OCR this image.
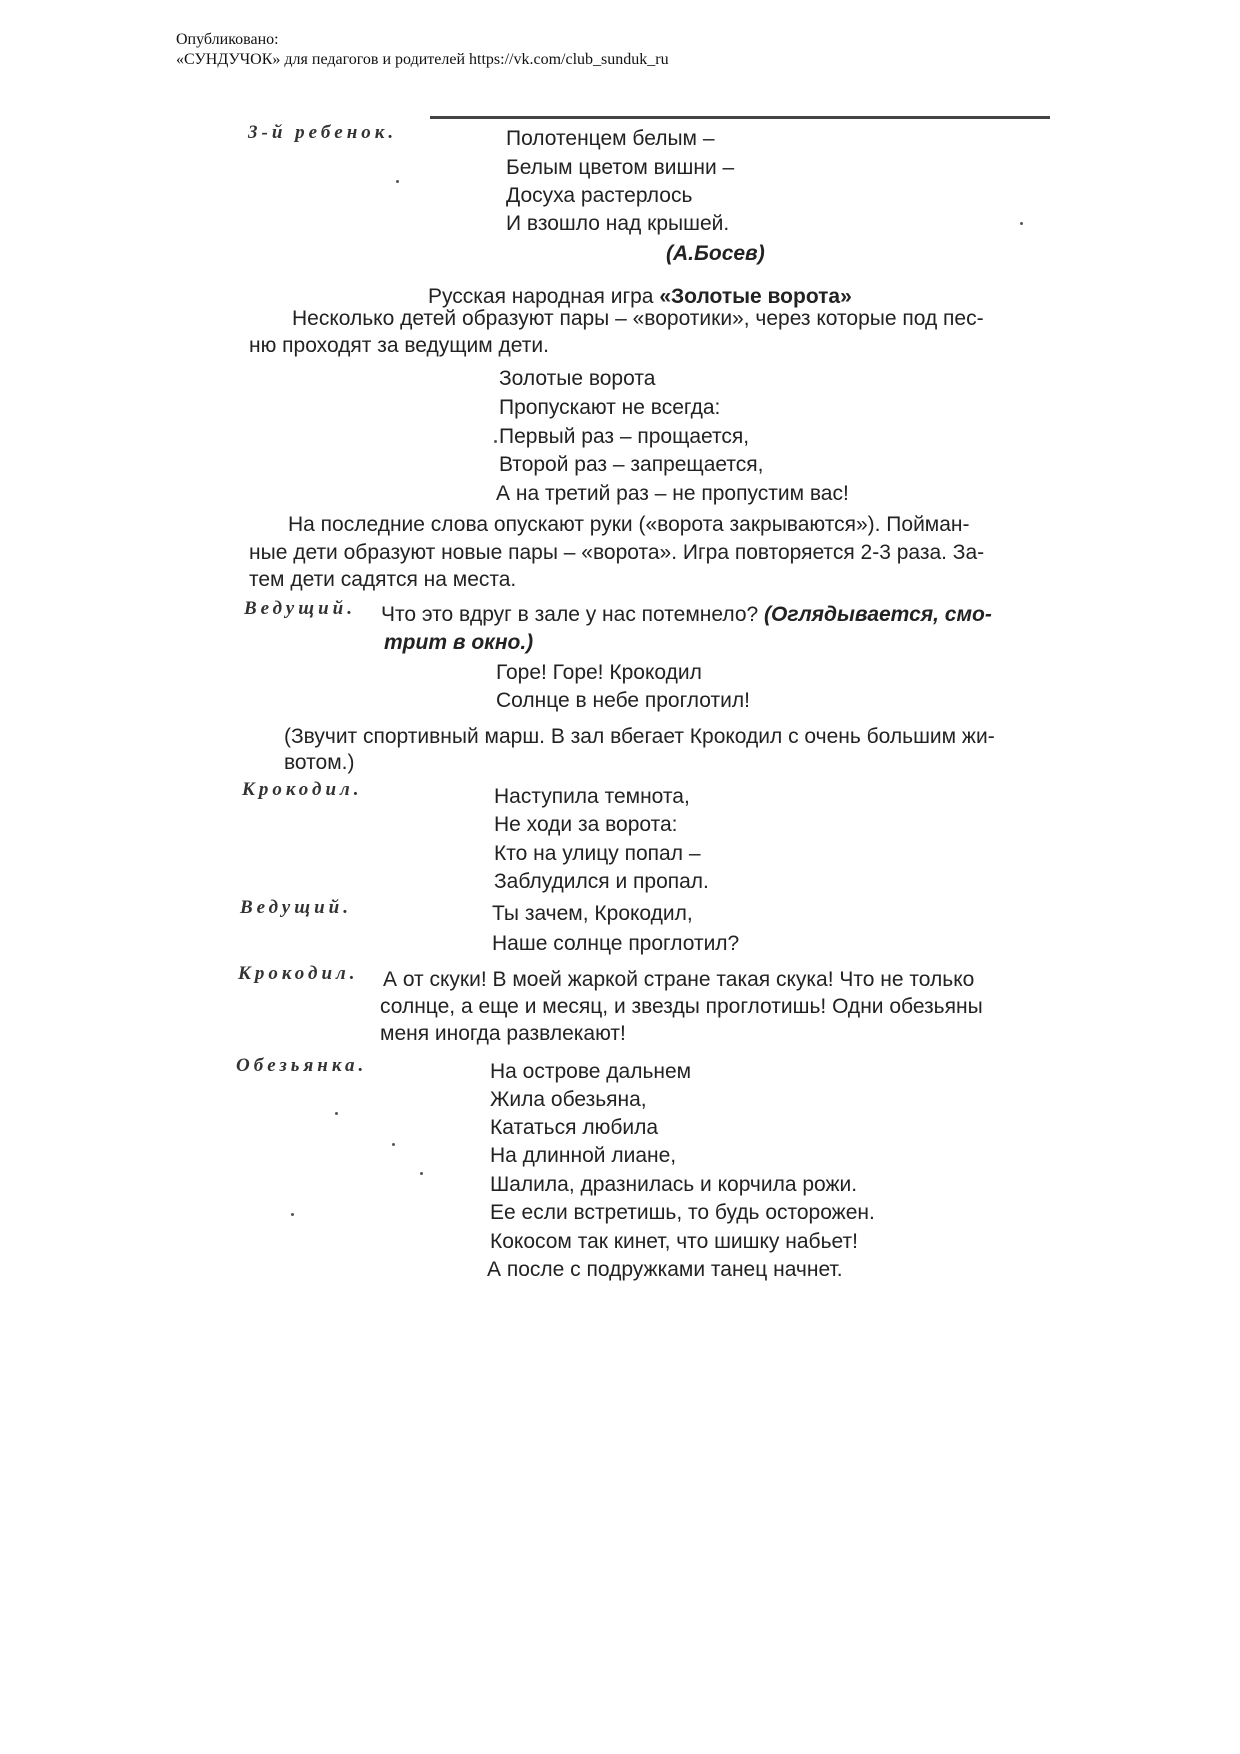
Опубликовано:
«СУНДУЧОК» для педагогов и родителей https://vk.com/club_sunduk_ru
3-й ребенок.	Полотенцем белым –
Белым цветом вишни –
Досуха растерлось
И взошло над крышей.
(А.Босев)
Русская народная игра «Золотые ворота»
Несколько детей образуют пары – «воротики», через которые под пес-
ню проходят за ведущим дети.
Золотые ворота
Пропускают не всегда:
Первый раз – прощается,
Второй раз – запрещается,
А на третий раз – не пропустим вас!
На последние слова опускают руки («ворота закрываются»). Пойман-
ные дети образуют новые пары – «ворота». Игра повторяется 2-3 раза. За-
тем дети садятся на места.
Ведущий. Что это вдруг в зале у нас потемнело? (Оглядывается, смо-
трит в окно.)
Горе! Горе! Крокодил
Солнце в небе проглотил!
(Звучит спортивный марш. В зал вбегает Крокодил с очень большим жи-
вотом.)
Крокодил.	Наступила темнота,
Не ходи за ворота:
Кто на улицу попал –
Заблудился и пропал.
Ведущий.	Ты зачем, Крокодил,
Наше солнце проглотил?
Крокодил. А от скуки! В моей жаркой стране такая скука! Что не только
солнце, а еще и месяц, и звезды проглотишь! Одни обезьяны
меня иногда развлекают!
Обезьянка.	На острове дальнем
Жила обезьяна,
Кататься любила
На длинной лиане,
Шалила, дразнилась и корчила рожи.
Ее если встретишь, то будь осторожен.
Кокосом так кинет, что шишку набьет!
А после с подружками танец начнет.
